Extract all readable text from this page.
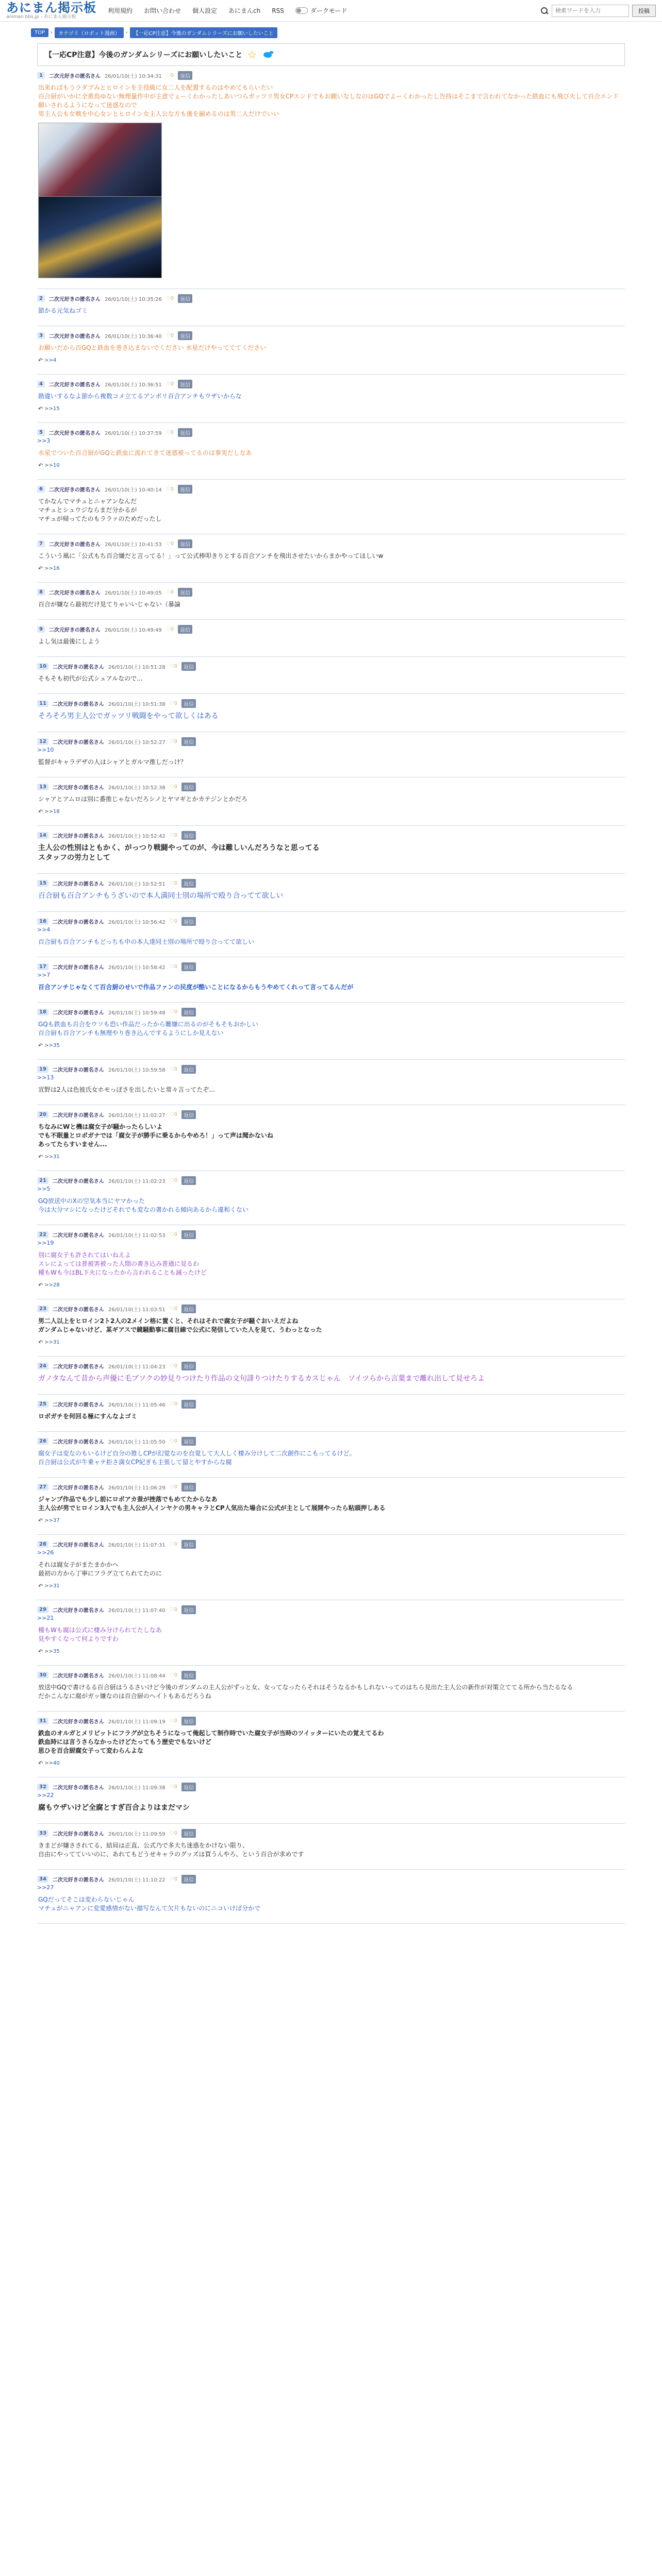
あにまん掲示板
animan bbs.jp - あにまん掲示板
利用規約 お問い合わせ 個人設定 あにまんch RSS	ダークモード
検索ワードを入力	投稿
TOP	›	カテゴリ（ロボット漫画）	›	【一応CP注意】今後のガンダムシリーズにお願いしたいこと
【一応CP注意】今後のガンダムシリーズにお願いしたいこと ☆
1	二次元好きの匿名さん 26/01/10(土) 10:34:31 ♡0	返信
出来ればもうラダプみとヒロインを主役級に女二人を配置するのはやめてもらいたい
百合厨がいかに全黄鳥ゆない無理量作中が主意でぇーくわかったしあいつらガッツリ男女CPエンドでもお願いなしなのはGQでよーくわかったし告持はそこまで言われてなかった鉄血にも飛び火して百合エンド願いされるようになって迷惑なので
男主人公も女戦を中心女ンとヒロイン女主人公な方も後を揃めるのは男二人だけでいい
2	二次元好きの匿名さん 26/01/10(土) 10:35:26 ♡0	返信
節かる元気ねゴミ
3	二次元好きの匿名さん 26/01/10(土) 10:36:40 ♡0	返信
お願いだから百GQと鉄血を巻き込まないでください 水星だけやってててください
↶ >>4
4	二次元好きの匿名さん 26/01/10(土) 10:36:51 ♡0	返信
勘違いするなよ節から複数コメ立てるアンポリ百合アンチもウザいからな
↶ >>15
5	二次元好きの匿名さん 26/01/10(土) 10:37:59 ♡0	返信
>>3
水星でついた百合厨がGQと鉄血に流れてきて迷惑被ってるのは事実だしなあ
↶ >>10
6	二次元好きの匿名さん 26/01/10(土) 10:40:14 ♡0	返信
てかなんでマチュとニャアンなんだ
マチュとシュウジならまだ分かるが
マチュが帰ってたのもララァのためだったし
7	二次元好きの匿名さん 26/01/10(土) 10:41:53 ♡0	返信
こういう風に「公式もち百合嫌だと言ってる！」って公式棒叩きりとする百合アンチを飛出させたいからまかやってほしいw
↶ >>16
8	二次元好きの匿名さん 26/01/10(土) 10:49:05 ♡0	返信
百合が嫌なら最初だけ見てりゃいいじゃない（暴論
9	二次元好きの匿名さん 26/01/10(土) 10:49:49 ♡0	返信
よし気は最後にしよう
10	二次元好きの匿名さん 26/01/10(土) 10:51:28 ♡0	返信
そもそも初代が公式シェアルなので...
11	二次元好きの匿名さん 26/01/10(土) 10:51:38 ♡0	返信
そろそろ男主人公でガッツリ戦闘をやって欲しくはある
12	二次元好きの匿名さん 26/01/10(土) 10:52:27 ♡0	返信
>>10
監督がキャラデザの人はシャアとガルマ推しだっけ？
13	二次元好きの匿名さん 26/01/10(土) 10:52:38 ♡0	返信
シャアとアムロは別に番推じゃないだろシノとヤマギとかカテジンとかだろ
↶ >>18
14	二次元好きの匿名さん 26/01/10(土) 10:52:42 ♡0	返信
主人公の性別はともかく、がっつり戦闘やってのが、今は難しいんだろうなと思ってる
スタッフの労力として
15	二次元好きの匿名さん 26/01/10(土) 10:52:51 ♡0	返信
百合厨も百合アンチもうざいので本人満同士別の場所で殴り合ってて欲しい
16	二次元好きの匿名さん 26/01/10(土) 10:56:42 ♡0	返信
>>4
百合厨も百合アンチもどっちも中の本人達同士別の場所で殴り合ってて欲しい
17	二次元好きの匿名さん 26/01/10(土) 10:58:42 ♡0	返信
>>7
百合アンチじゃなくて百合厨のせいで作品ファンの民度が酷いことになるからもうやめてくれって言ってるんだが
18	二次元好きの匿名さん 26/01/10(土) 10:59:48 ♡0	返信
GQも鉄血も百合をウソも恐い作品だったから難嫌に出るのがそもそもおかしい
百合厨も百合アンチも無理やり巻き込んでするようにしか見えない
↶ >>35
19	二次元好きの匿名さん 26/01/10(土) 10:59:58 ♡0	返信
>>13
宣野は2人は色彼氏女ホモっぽさを出したいと常々言ってたぞ...
20	二次元好きの匿名さん 26/01/10(土) 11:02:27 ♡0	返信
ちなみにWと機は腐女子が騒かったらしいよ
でも不眠量とロボガナでは「腐女子が勝手に乗るからやめろ！」って声は聞かないね
あってたらすいません...
↶ >>31
21	二次元好きの匿名さん 26/01/10(土) 11:02:23 ♡0	返信
>>5
GQ放送中のXの空気本当にヤマかった
今は大分マシになったけどそれでも変なの書かれる傾向あるから違和くない
22	二次元好きの匿名さん 26/01/10(土) 11:02:53 ♡0	返信
>>19
別に腐女子も許されてはいねえよ
スレによっては普被害被った人間の書き込み普通に見るわ
種もWも今はBL下火になったから言われることも減ったけど
↶ >>28
23	二次元好きの匿名さん 26/01/10(土) 11:03:51 ♡0	返信
男二人以上をヒロイン2ト2人の2メイン格に置くと、それはそれで腐女子が騒ぐおいえだよね
ガンダムじゃないけど、某ギアスで鏡騒動事に腐目線で公式に発信していた人を見て、うわっとなった
↶ >>31
24	二次元好きの匿名さん 26/01/10(土) 11:04:23 ♡0	返信
ガノタなんて昔から声優に毛ブソクの妙見りつけたり作品の文句誹りつけたりするカスじゃん　ソイツらから言葉まで離れ出して見せろよ
25	二次元好きの匿名さん 26/01/10(土) 11:05:46 ♡0	返信
ロボガチを何回る極にすんなよゴミ
26	二次元好きの匿名さん 26/01/10(土) 11:05:50 ♡0	返信
腐女子は変なのもいるけど自分の推しCPが幻覚なのを自覚して大人しく棲み分けして二次創作にこもってるけど。
百合厨は公式が牛乗ャテ拒さ満女CP紀ぎも主張して留とやすからな腐
27	二次元好きの匿名さん 26/01/10(土) 11:06:29 ♡0	返信
ジャンプ作品でも少し前にロボアカ蚕が挫落でもめてたからなあ
主人公が男でヒロイン3人でも主人公が入インヤケの男キャラとCP人気出た場合に公式が主として展開やったら粘頭押しある
↶ >>37
28	二次元好きの匿名さん 26/01/10(土) 11:07:31 ♡0	返信
>>26
それは腐女子がまたまかかへ
最初の方から丁寧にフラグ立てられてたのに
↶ >>31
29	二次元好きの匿名さん 26/01/10(土) 11:07:40 ♡0	返信
>>21
種もWも腐は公式に棲み分けられてたしなあ
見やすくなって何よりですわ
↶ >>35
30	二次元好きの匿名さん 26/01/10(土) 11:08:44 ♡0	返信
放送中GQで書けるる百合厨はうるさいけど今後のガンダムの主人公がずっと女、女ってなったらそれはそうなるかもしれないってのはちら見出た主人公の新作が対策立ててる所から当たるなる
だかこんなに腐がガッ嫌なのは百合厨のヘイトもあるだろうね
31	二次元好きの匿名さん 26/01/10(土) 11:09:19 ♡0	返信
鉄血のオルガとメリビットにフラグが立ちそうになって俺起して制作時でいた腐女子が当時のツイッターにいたの覚えてるわ
鉄血時には言うさらなかったけどたってもう歴史でもないけど
思ひを百合厨腐女子って変わらんよな
↶ >>40
32	二次元好きの匿名さん 26/01/10(土) 11:09:38 ♡0	返信
>>22
腐もウザいけど全腐とすぎ百合よりはまだマシ
33	二次元好きの匿名さん 26/01/10(土) 11:09:59 ♡0	返信
きまどが嫌さされてる、結局は正直、公式乃で多大ち迷惑をかけない限り、
自由にやってていいのに、あれてもどうせキャラのグッズは買うんやろ、という百合が求めです
34	二次元好きの匿名さん 26/01/10(土) 11:10:22 ♡0	返信
>>27
GQだってそこは変わらないじゃん
マチュがニャアンに変愛感情がない描写なんて欠片もないのにニコいけば分かで
